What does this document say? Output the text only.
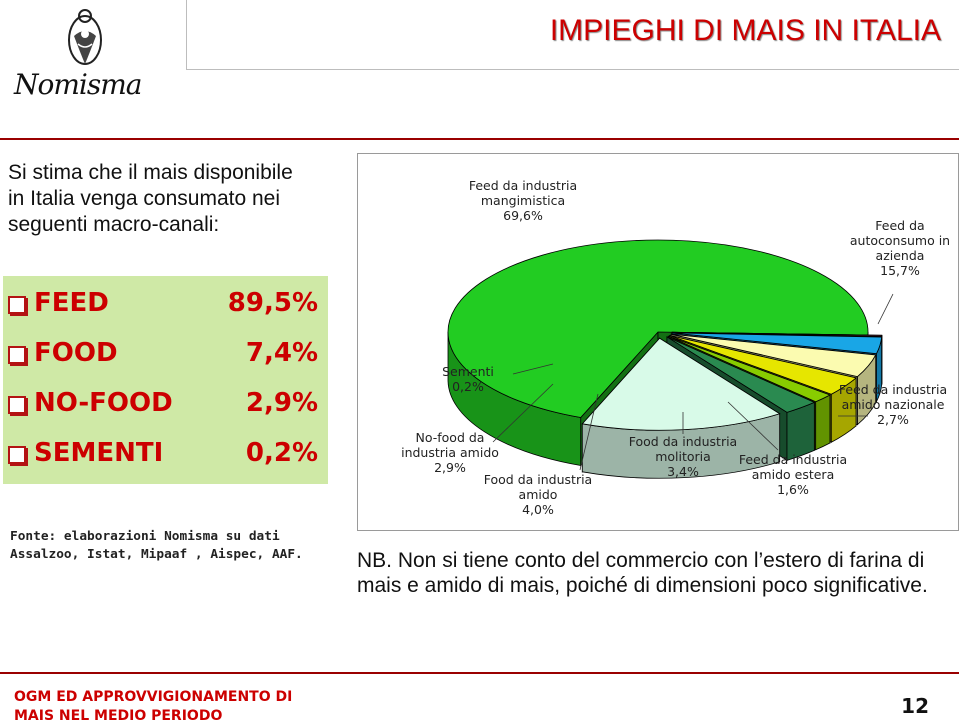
Nomisma
IMPIEGHI DI MAIS IN ITALIA
Si stima che il mais disponibile in Italia venga consumato nei seguenti macro-canali:
FEED	89,5%
FOOD	7,4%
NO-FOOD	2,9%
SEMENTI	0,2%
Fonte: elaborazioni Nomisma su dati Assalzoo, Istat, Mipaaf , Aispec, AAF.
Feed da industria mangimistica 69,6%
Feed da autoconsumo in azienda 15,7%
Sementi 0,2%
No-food da industria amido 2,9%
Food da industria amido 4,0%
Food da industria molitoria 3,4%
Feed da industria amido estera 1,6%
Feed da industria amido nazionale 2,7%
NB. Non si tiene conto del commercio con l’estero di farina di mais e amido di mais, poiché di dimensioni poco significative.
OGM ED APPROVVIGIONAMENTO DI
MAIS NEL MEDIO PERIODO	12
